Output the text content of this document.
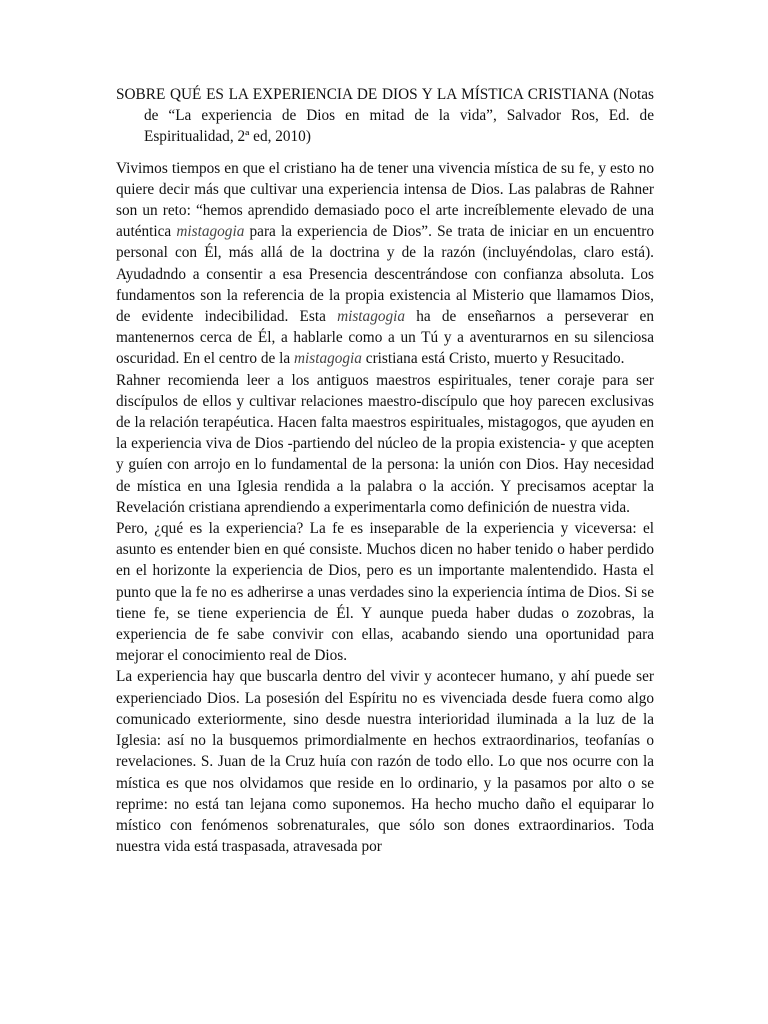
SOBRE QUÉ ES LA EXPERIENCIA DE DIOS Y LA MÍSTICA CRISTIANA (Notas de “La experiencia de Dios en mitad de la vida”, Salvador Ros, Ed. de Espiritualidad, 2ª ed, 2010)

Vivimos tiempos en que el cristiano ha de tener una vivencia mística de su fe, y esto no quiere decir más que cultivar una experiencia intensa de Dios. Las palabras de Rahner son un reto: “hemos aprendido demasiado poco el arte increíblemente elevado de una auténtica mistagogia para la experiencia de Dios”. Se trata de iniciar en un encuentro personal con Él, más allá de la doctrina y de la razón (incluyéndolas, claro está). Ayudadndo a consentir a esa Presencia descentrándose con confianza absoluta. Los fundamentos son la referencia de la propia existencia al Misterio que llamamos Dios, de evidente indecibilidad. Esta mistagogia ha de enseñarnos a perseverar en mantenernos cerca de Él, a hablarle como a un Tú y a aventurarnos en su silenciosa oscuridad. En el centro de la mistagogia cristiana está Cristo, muerto y Resucitado.

Rahner recomienda leer a los antiguos maestros espirituales, tener coraje para ser discípulos de ellos y cultivar relaciones maestro-discípulo que hoy parecen exclusivas de la relación terapéutica. Hacen falta maestros espirituales, mistagogos, que ayuden en la experiencia viva de Dios -partiendo del núcleo de la propia existencia- y que acepten y guíen con arrojo en lo fundamental de la persona: la unión con Dios. Hay necesidad de mística en una Iglesia rendida a la palabra o la acción. Y precisamos aceptar la Revelación cristiana aprendiendo a experimentarla como definición de nuestra vida.

Pero, ¿qué es la experiencia? La fe es inseparable de la experiencia y viceversa: el asunto es entender bien en qué consiste. Muchos dicen no haber tenido o haber perdido en el horizonte la experiencia de Dios, pero es un importante malentendido. Hasta el punto que la fe no es adherirse a unas verdades sino la experiencia íntima de Dios. Si se tiene fe, se tiene experiencia de Él. Y aunque pueda haber dudas o zozobras, la experiencia de fe sabe convivir con ellas, acabando siendo una oportunidad para mejorar el conocimiento real de Dios.

La experiencia hay que buscarla dentro del vivir y acontecer humano, y ahí puede ser experienciado Dios. La posesión del Espíritu no es vivenciada desde fuera como algo comunicado exteriormente, sino desde nuestra interioridad iluminada a la luz de la Iglesia: así no la busquemos primordialmente en hechos extraordinarios, teofanías o revelaciones. S. Juan de la Cruz huía con razón de todo ello. Lo que nos ocurre con la mística es que nos olvidamos que reside en lo ordinario, y la pasamos por alto o se reprime: no está tan lejana como suponemos. Ha hecho mucho daño el equiparar lo místico con fenómenos sobrenaturales, que sólo son dones extraordinarios. Toda nuestra vida está traspasada, atravesada por
